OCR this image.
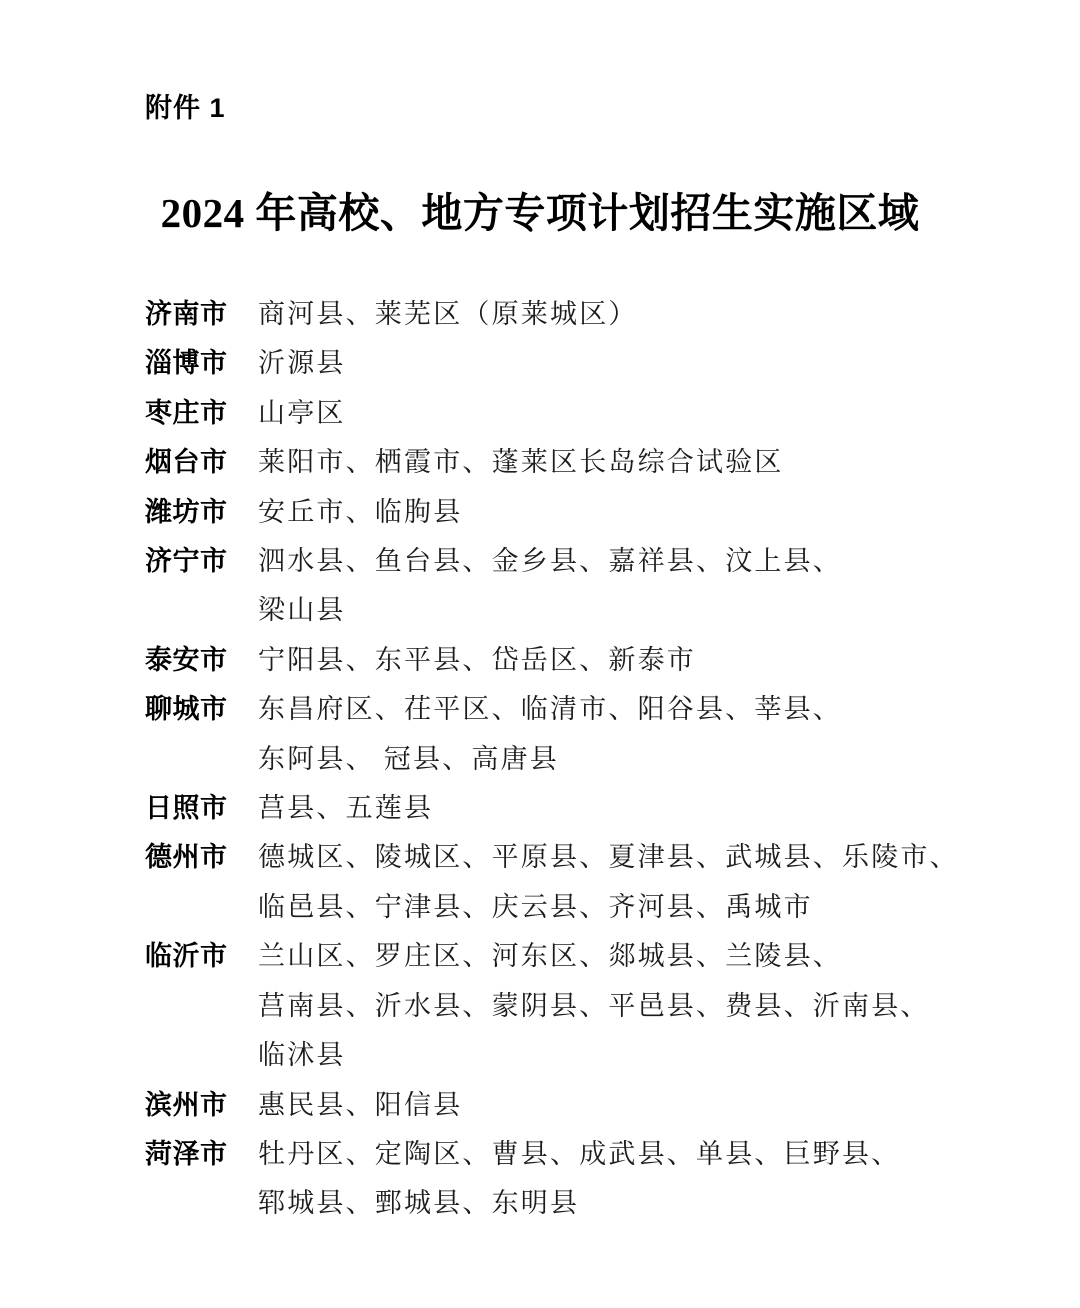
附件 1
2024 年高校、地方专项计划招生实施区域
济南市	商河县、莱芜区（原莱城区）
淄博市	沂源县
枣庄市	山亭区
烟台市	莱阳市、栖霞市、蓬莱区长岛综合试验区
潍坊市	安丘市、临朐县
济宁市	泗水县、鱼台县、金乡县、嘉祥县、汶上县、
梁山县
泰安市	宁阳县、东平县、岱岳区、新泰市
聊城市	东昌府区、茌平区、临清市、阳谷县、莘县、
东阿县、 冠县、高唐县
日照市	莒县、五莲县
德州市	德城区、陵城区、平原县、夏津县、武城县、乐陵市、
临邑县、宁津县、庆云县、齐河县、禹城市
临沂市	兰山区、罗庄区、河东区、郯城县、兰陵县、
莒南县、沂水县、蒙阴县、平邑县、费县、沂南县、
临沭县
滨州市	惠民县、阳信县
菏泽市	牡丹区、定陶区、曹县、成武县、单县、巨野县、
郓城县、鄄城县、东明县
